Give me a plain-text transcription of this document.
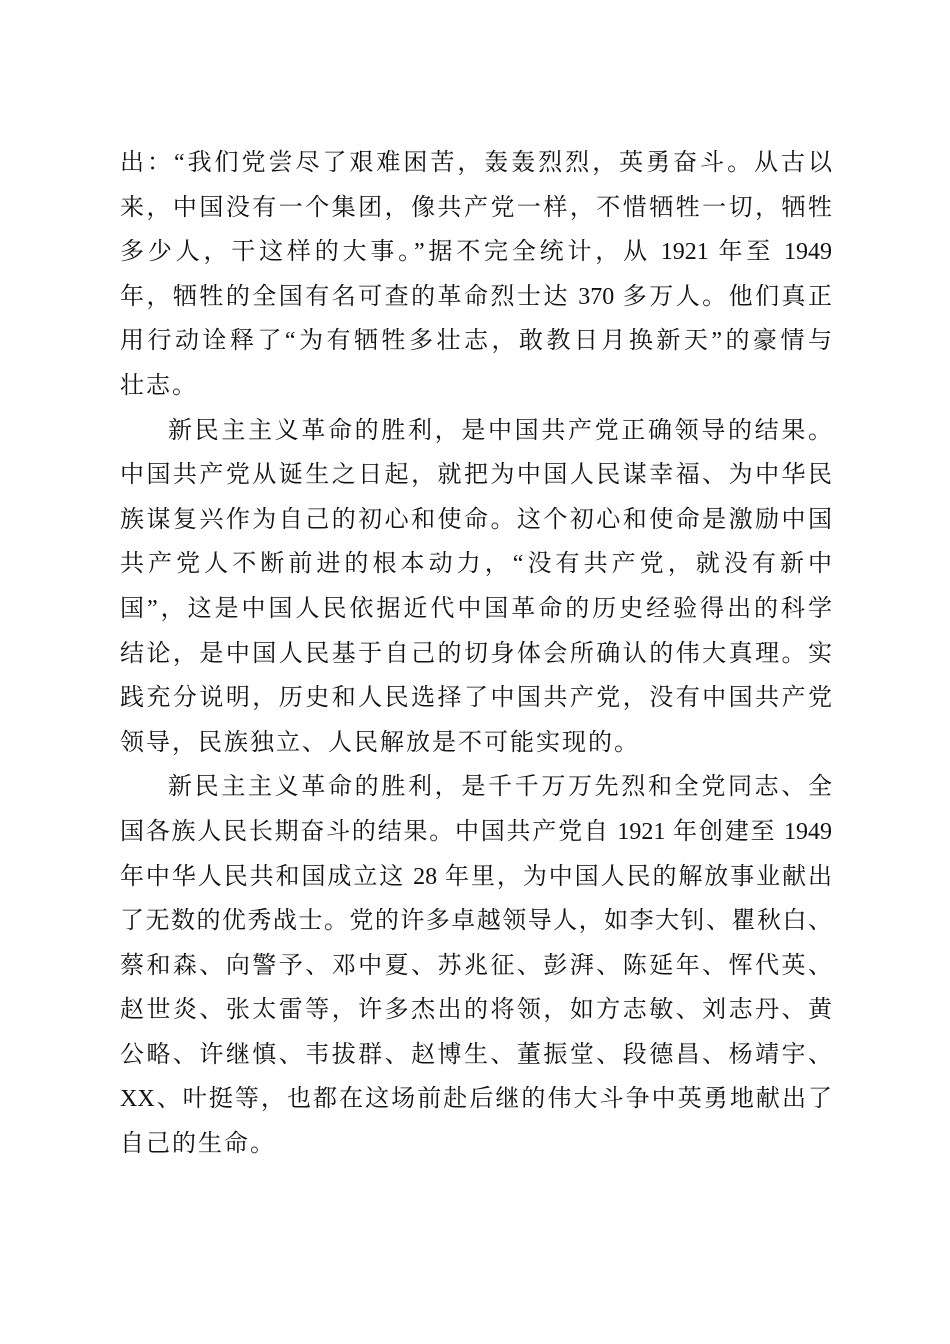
出：“我们党尝尽了艰难困苦，轰轰烈烈，英勇奋斗。从古以
来，中国没有一个集团，像共产党一样，不惜牺牲一切，牺牲
多少人，干这样的大事。”据不完全统计，从 1921 年至 1949
年，牺牲的全国有名可查的革命烈士达 370 多万人。他们真正
用行动诠释了“为有牺牲多壮志，敢教日月换新天”的豪情与
壮志。
新民主主义革命的胜利，是中国共产党正确领导的结果。
中国共产党从诞生之日起，就把为中国人民谋幸福、为中华民
族谋复兴作为自己的初心和使命。这个初心和使命是激励中国
共产党人不断前进的根本动力，“没有共产党，就没有新中
国”，这是中国人民依据近代中国革命的历史经验得出的科学
结论，是中国人民基于自己的切身体会所确认的伟大真理。实
践充分说明，历史和人民选择了中国共产党，没有中国共产党
领导，民族独立、人民解放是不可能实现的。
新民主主义革命的胜利，是千千万万先烈和全党同志、全
国各族人民长期奋斗的结果。中国共产党自 1921 年创建至 1949
年中华人民共和国成立这 28 年里，为中国人民的解放事业献出
了无数的优秀战士。党的许多卓越领导人，如李大钊、瞿秋白、
蔡和森、向警予、邓中夏、苏兆征、彭湃、陈延年、恽代英、
赵世炎、张太雷等，许多杰出的将领，如方志敏、刘志丹、黄
公略、许继慎、韦拔群、赵博生、董振堂、段德昌、杨靖宇、
XX、叶挺等，也都在这场前赴后继的伟大斗争中英勇地献出了
自己的生命。
